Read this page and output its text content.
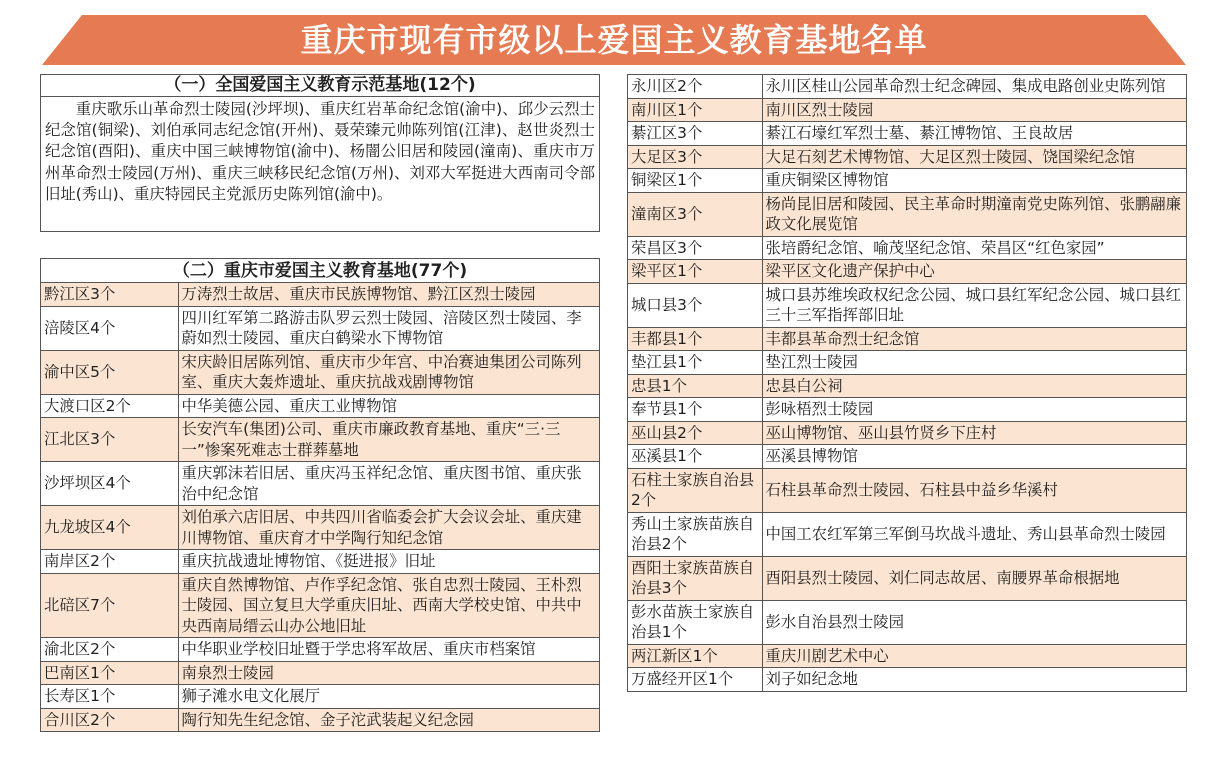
重庆市现有市级以上爱国主义教育基地名单
（一）全国爱国主义教育示范基地(12个)
重庆歌乐山革命烈士陵园(沙坪坝)、重庆红岩革命纪念馆(渝中)、邱少云烈士纪念馆(铜梁)、刘伯承同志纪念馆(开州)、聂荣臻元帅陈列馆(江津)、赵世炎烈士纪念馆(酉阳)、重庆中国三峡博物馆(渝中)、杨闇公旧居和陵园(潼南)、重庆市万州革命烈士陵园(万州)、重庆三峡移民纪念馆(万州)、刘邓大军挺进大西南司令部旧址(秀山)、重庆特园民主党派历史陈列馆(渝中)。
（二）重庆市爱国主义教育基地(77个)
黔江区3个	万涛烈士故居、重庆市民族博物馆、黔江区烈士陵园
涪陵区4个	四川红军第二路游击队罗云烈士陵园、涪陵区烈士陵园、李蔚如烈士陵园、重庆白鹤梁水下博物馆
渝中区5个	宋庆龄旧居陈列馆、重庆市少年宫、中冶赛迪集团公司陈列室、重庆大轰炸遗址、重庆抗战戏剧博物馆
大渡口区2个	中华美德公园、重庆工业博物馆
江北区3个	长安汽车(集团)公司、重庆市廉政教育基地、重庆“三·三一”惨案死难志士群葬墓地
沙坪坝区4个	重庆郭沫若旧居、重庆冯玉祥纪念馆、重庆图书馆、重庆张治中纪念馆
九龙坡区4个	刘伯承六店旧居、中共四川省临委会扩大会议会址、重庆建川博物馆、重庆育才中学陶行知纪念馆
南岸区2个	重庆抗战遗址博物馆、《挺进报》旧址
北碚区7个	重庆自然博物馆、卢作孚纪念馆、张自忠烈士陵园、王朴烈士陵园、国立复旦大学重庆旧址、西南大学校史馆、中共中央西南局缙云山办公地旧址
渝北区2个	中华职业学校旧址暨于学忠将军故居、重庆市档案馆
巴南区1个	南泉烈士陵园
长寿区1个	狮子滩水电文化展厅
合川区2个	陶行知先生纪念馆、金子沱武装起义纪念园
永川区2个	永川区桂山公园革命烈士纪念碑园、集成电路创业史陈列馆
南川区1个	南川区烈士陵园
綦江区3个	綦江石壕红军烈士墓、綦江博物馆、王良故居
大足区3个	大足石刻艺术博物馆、大足区烈士陵园、饶国梁纪念馆
铜梁区1个	重庆铜梁区博物馆
潼南区3个	杨尚昆旧居和陵园、民主革命时期潼南党史陈列馆、张鹏翮廉政文化展览馆
荣昌区3个	张培爵纪念馆、喻茂坚纪念馆、荣昌区“红色家园”
梁平区1个	梁平区文化遗产保护中心
城口县3个	城口县苏维埃政权纪念公园、城口县红军纪念公园、城口县红三十三军指挥部旧址
丰都县1个	丰都县革命烈士纪念馆
垫江县1个	垫江烈士陵园
忠县1个	忠县白公祠
奉节县1个	彭咏梧烈士陵园
巫山县2个	巫山博物馆、巫山县竹贤乡下庄村
巫溪县1个	巫溪县博物馆
石柱土家族自治县2个	石柱县革命烈士陵园、石柱县中益乡华溪村
秀山土家族苗族自治县2个	中国工农红军第三军倒马坎战斗遗址、秀山县革命烈士陵园
酉阳土家族苗族自治县3个	酉阳县烈士陵园、刘仁同志故居、南腰界革命根据地
彭水苗族土家族自治县1个	彭水自治县烈士陵园
两江新区1个	重庆川剧艺术中心
万盛经开区1个	刘子如纪念地
